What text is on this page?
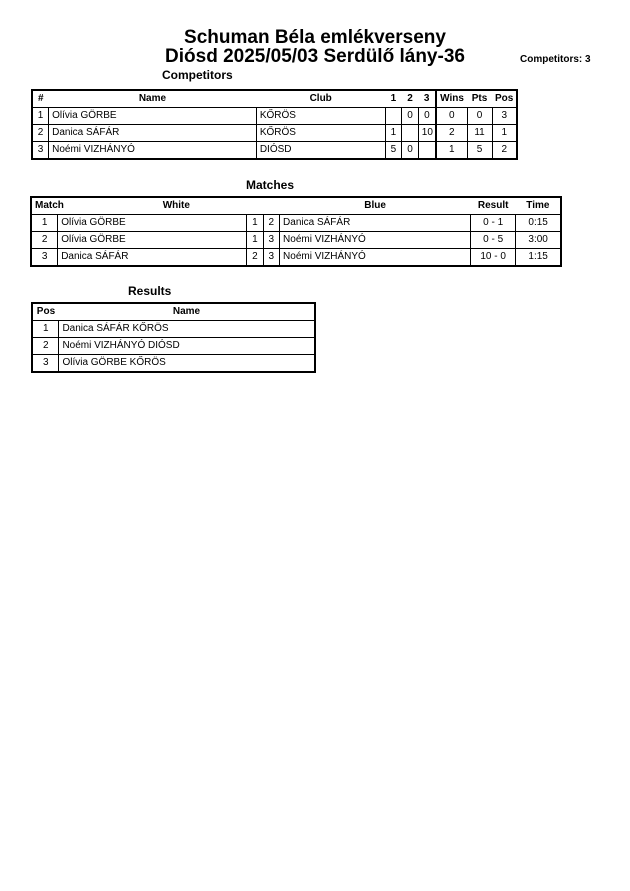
Schuman Béla emlékverseny
Diósd 2025/05/03 Serdülő lány-36	Competitors: 3
Competitors
#	Name	Club	1	2	3	Wins	Pts	Pos
1	Olívia GÖRBE	KŐRÖS		0	0	0	0	3
2	Danica SÁFÁR	KŐRÖS	1		10	2	11	1
3	Noémi VIZHÁNYÓ	DIÓSD	5	0		1	5	2
Matches
Match	White			Blue	Result	Time
1	Olívia GÖRBE	1	2	Danica SÁFÁR	0 - 1	0:15
2	Olívia GÖRBE	1	3	Noémi VIZHÁNYÓ	0 - 5	3:00
3	Danica SÁFÁR	2	3	Noémi VIZHÁNYÓ	10 - 0	1:15
Results
Pos	Name
1	Danica SÁFÁR KŐRÖS
2	Noémi VIZHÁNYÓ DIÓSD
3	Olívia GÖRBE KŐRÖS
